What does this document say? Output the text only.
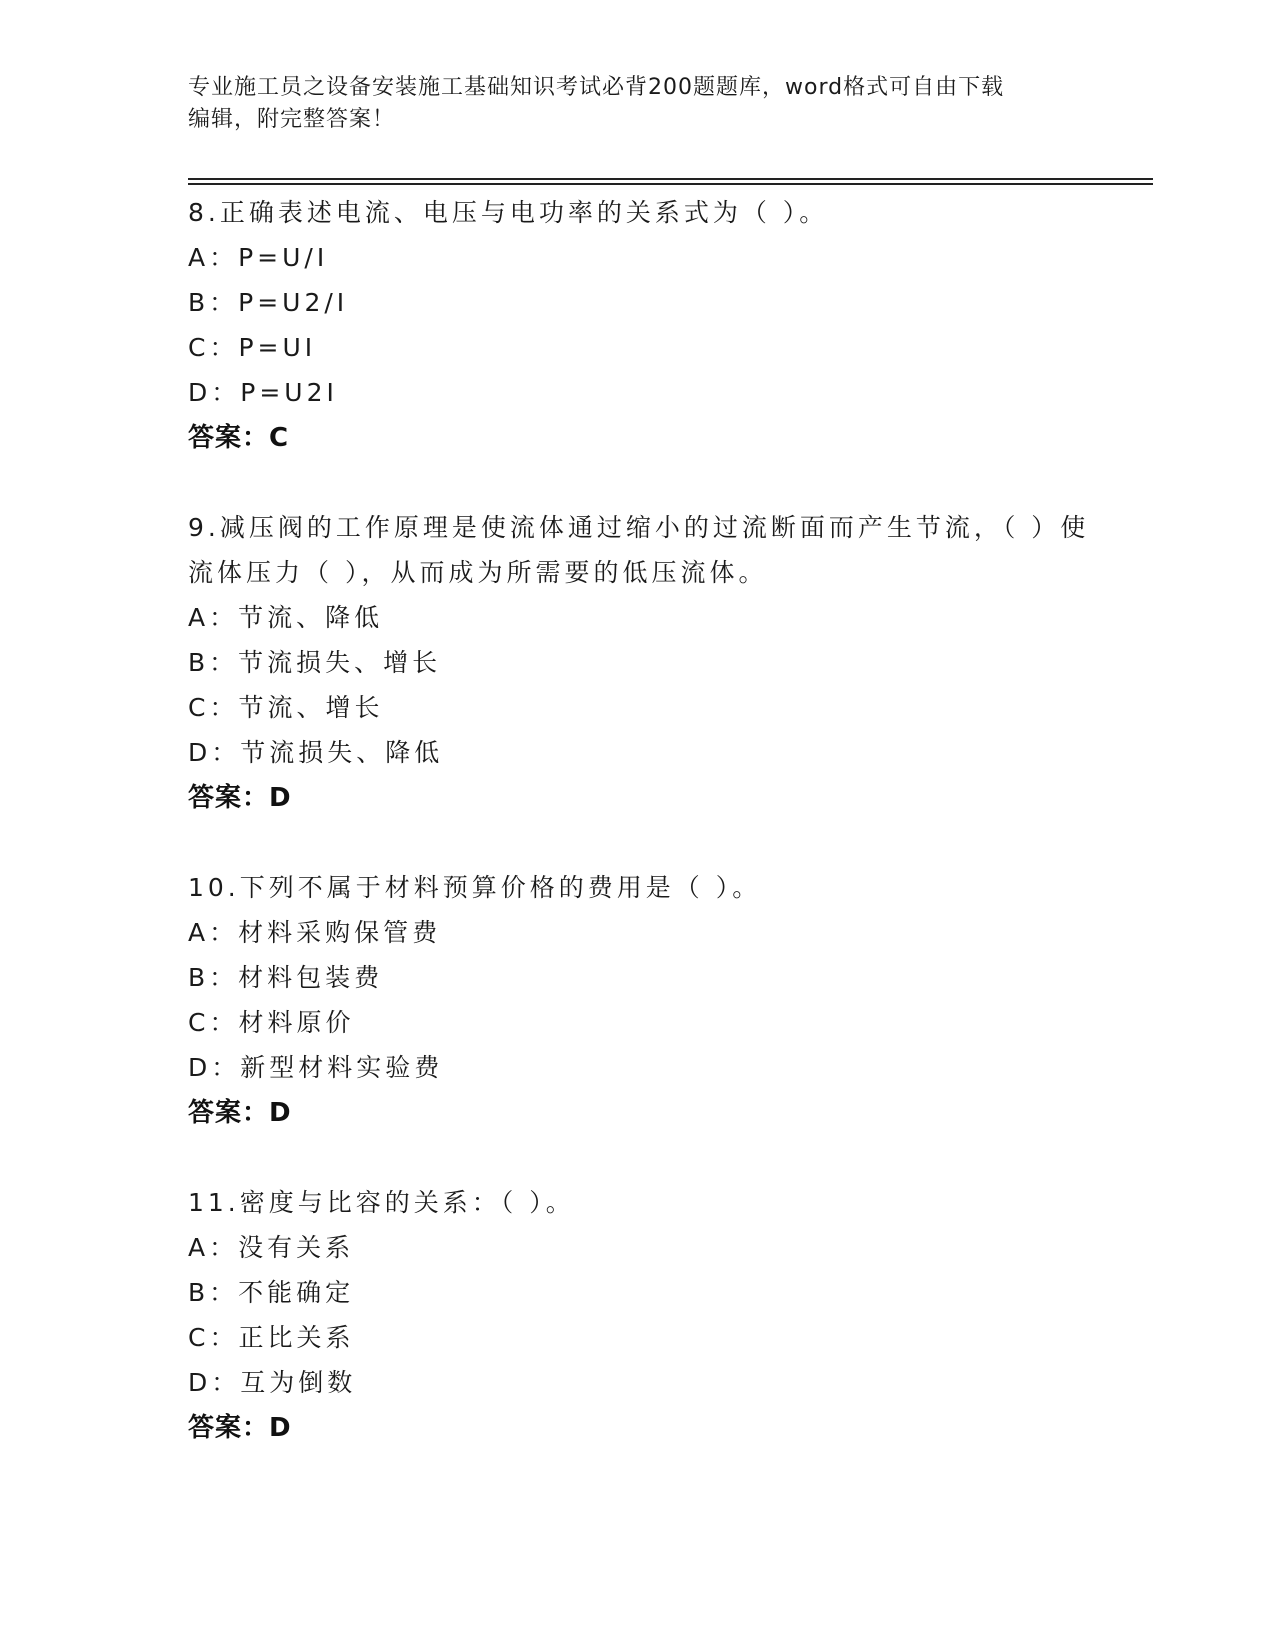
专业施工员之设备安装施工基础知识考试必背200题题库，word格式可自由下载
编辑，附完整答案！
8.正确表述电流、电压与电功率的关系式为（ ）。
A：P=U/I
B：P=U2/I
C：P=UI
D：P=U2I
答案：C
9.减压阀的工作原理是使流体通过缩小的过流断面而产生节流，（ ）使流体压力（ ），从而成为所需要的低压流体。
A：节流、降低
B：节流损失、增长
C：节流、增长
D：节流损失、降低
答案：D
10.下列不属于材料预算价格的费用是（ ）。
A：材料采购保管费
B：材料包装费
C：材料原价
D：新型材料实验费
答案：D
11.密度与比容的关系：（ ）。
A：没有关系
B：不能确定
C：正比关系
D：互为倒数
答案：D
